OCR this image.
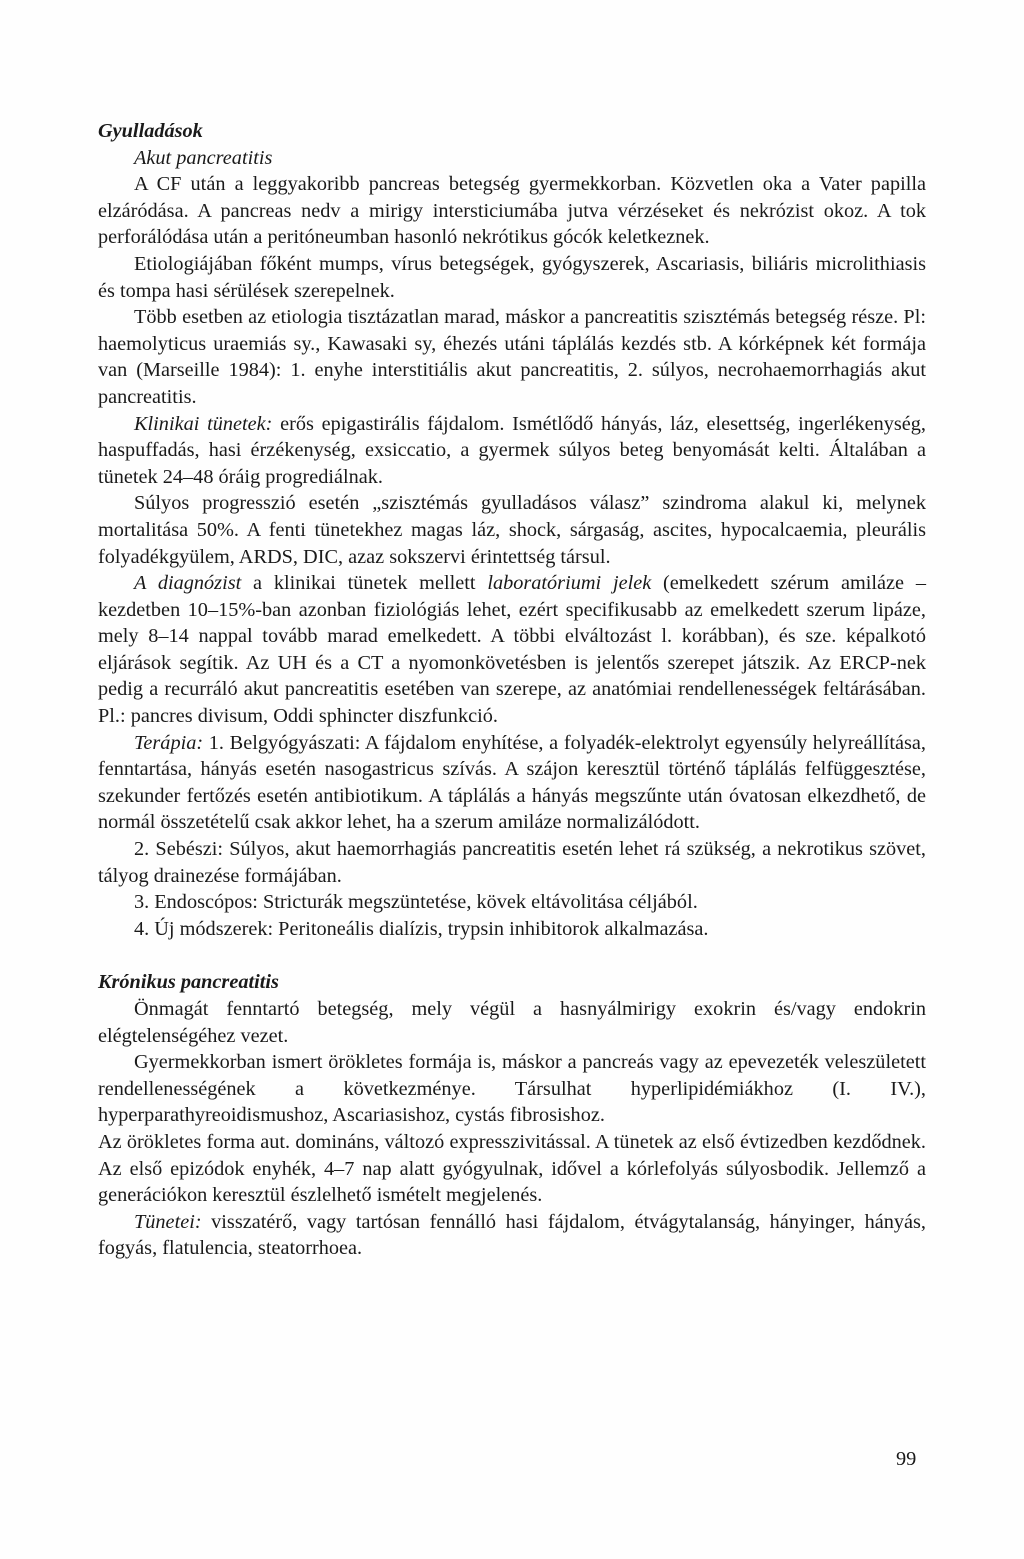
Gyulladások

Akut pancreatitis

A CF után a leggyakoribb pancreas betegség gyermekkorban. Közvetlen oka a Vater papilla elzáródása. A pancreas nedv a mirigy intersticiumába jutva vérzéseket és nekrózist okoz. A tok perforálódása után a peritóneumban hasonló nekrótikus gócók keletkeznek.

Etiologiájában főként mumps, vírus betegségek, gyógyszerek, Ascariasis, biliáris microlithiasis és tompa hasi sérülések szerepelnek.

Több esetben az etiologia tisztázatlan marad, máskor a pancreatitis szisztémás betegség része. Pl: haemolyticus uraemiás sy., Kawasaki sy, éhezés utáni táplálás kezdés stb. A kórképnek két formája van (Marseille 1984): 1. enyhe interstitiális akut pancreatitis, 2. súlyos, necrohaemorrhagiás akut pancreatitis.

Klinikai tünetek: erős epigastirális fájdalom. Ismétlődő hányás, láz, elesettség, ingerlékenység, haspuffadás, hasi érzékenység, exsiccatio, a gyermek súlyos beteg benyomását kelti. Általában a tünetek 24–48 óráig progrediálnak.

Súlyos progresszió esetén „szisztémás gyulladásos válasz” szindroma alakul ki, melynek mortalitása 50%. A fenti tünetekhez magas láz, shock, sárgaság, ascites, hypocalcaemia, pleurális folyadékgyülem, ARDS, DIC, azaz sokszervi érintettség társul.

A diagnózist a klinikai tünetek mellett laboratóriumi jelek (emelkedett szérum amiláze – kezdetben 10–15%-ban azonban fiziológiás lehet, ezért specifikusabb az emelkedett szerum lipáze, mely 8–14 nappal tovább marad emelkedett. A többi elváltozást l. korábban), és sze. képalkotó eljárások segítik. Az UH és a CT a nyomonkövetésben is jelentős szerepet játszik. Az ERCP-nek pedig a recurráló akut pancreatitis esetében van szerepe, az anatómiai rendellenességek feltárásában. Pl.: pancres divisum, Oddi sphincter diszfunkció.

Terápia: 1. Belgyógyászati: A fájdalom enyhítése, a folyadék-elektrolyt egyensúly helyreállítása, fenntartása, hányás esetén nasogastricus szívás. A szájon keresztül történő táplálás felfüggesztése, szekunder fertőzés esetén antibiotikum. A táplálás a hányás megszűnte után óvatosan elkezdhető, de normál összetételű csak akkor lehet, ha a szerum amiláze normalizálódott.

2. Sebészi: Súlyos, akut haemorrhagiás pancreatitis esetén lehet rá szükség, a nekrotikus szövet, tályog drainezése formájában.

3. Endoscópos: Stricturák megszüntetése, kövek eltávolitása céljából.

4. Új módszerek: Peritoneális dialízis, trypsin inhibitorok alkalmazása.

Krónikus pancreatitis

Önmagát fenntartó betegség, mely végül a hasnyálmirigy exokrin és/vagy endokrin elégtelenségéhez vezet.

Gyermekkorban ismert örökletes formája is, máskor a pancreás vagy az epevezeték veleszületett rendellenességének a következménye. Társulhat hyperlipidémiákhoz (I. IV.), hyperparathyreoidismushoz, Ascariasishoz, cystás fibrosishoz.

Az örökletes forma aut. domináns, változó expresszivitással. A tünetek az első évtizedben kezdődnek. Az első epizódok enyhék, 4–7 nap alatt gyógyulnak, idővel a kórlefolyás súlyosbodik. Jellemző a generációkon keresztül észlelhető ismételt megjelenés.

Tünetei: visszatérő, vagy tartósan fennálló hasi fájdalom, étvágytalanság, hányinger, hányás, fogyás, flatulencia, steatorrhoea.

99
